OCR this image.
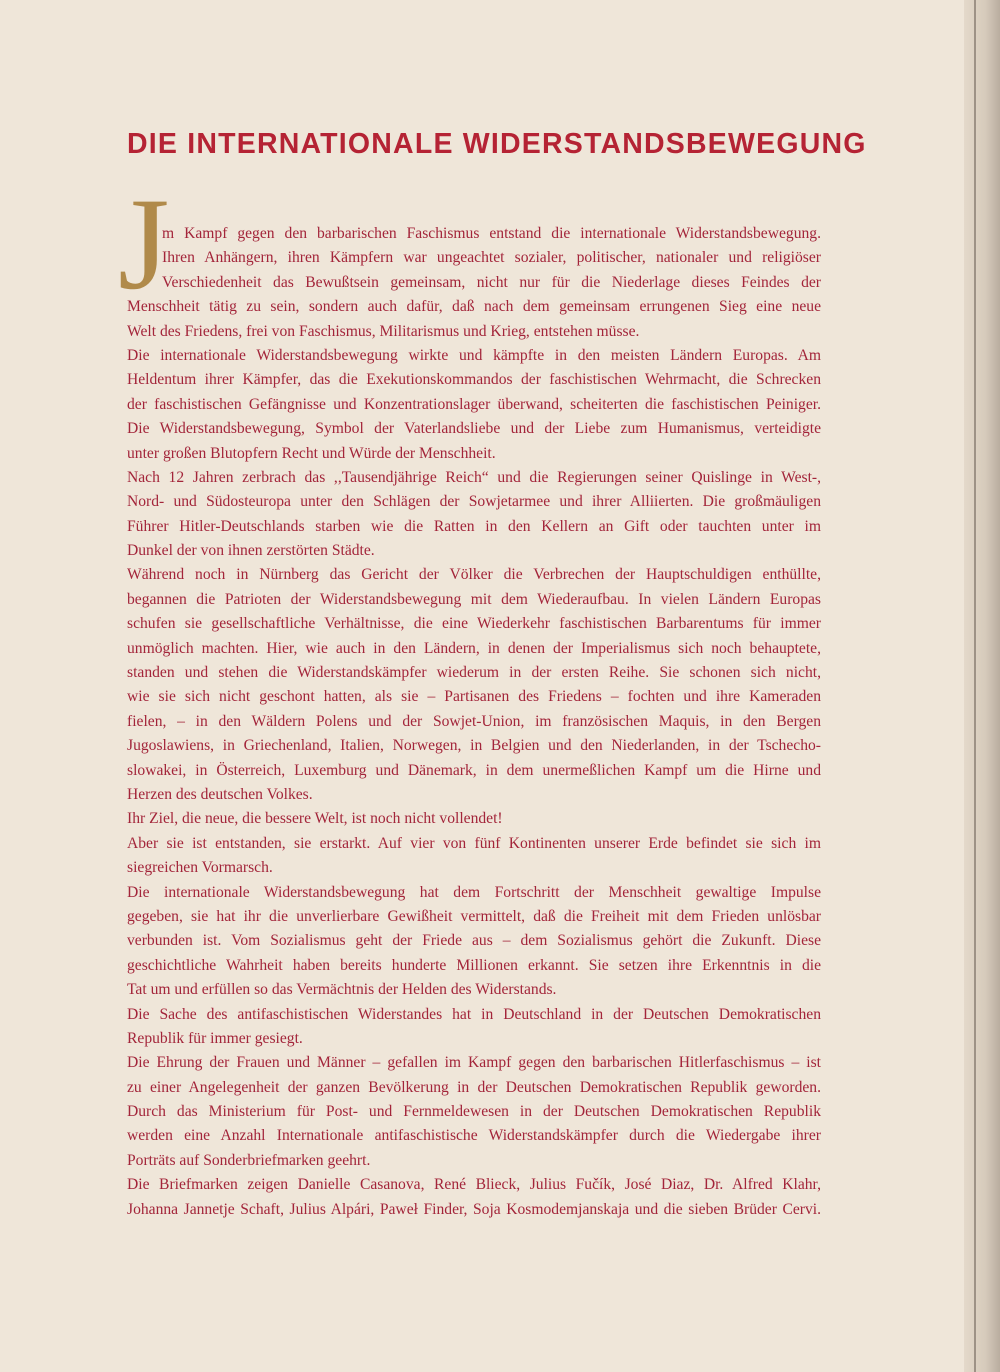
DIE INTERNATIONALE WIDERSTANDSBEWEGUNG
J
m Kampf gegen den barbarischen Faschismus entstand die internationale Widerstandsbewegung.
Ihren Anhängern, ihren Kämpfern war ungeachtet sozialer, politischer, nationaler und religiöser
Verschiedenheit das Bewußtsein gemeinsam, nicht nur für die Niederlage dieses Feindes der
Menschheit tätig zu sein, sondern auch dafür, daß nach dem gemeinsam errungenen Sieg eine neue
Welt des Friedens, frei von Faschismus, Militarismus und Krieg, entstehen müsse.
Die internationale Widerstandsbewegung wirkte und kämpfte in den meisten Ländern Europas. Am
Heldentum ihrer Kämpfer, das die Exekutionskommandos der faschistischen Wehrmacht, die Schrecken
der faschistischen Gefängnisse und Konzentrationslager überwand, scheiterten die faschistischen Peiniger.
Die Widerstandsbewegung, Symbol der Vaterlandsliebe und der Liebe zum Humanismus, verteidigte
unter großen Blutopfern Recht und Würde der Menschheit.
Nach 12 Jahren zerbrach das ,,Tausendjährige Reich“ und die Regierungen seiner Quislinge in West-,
Nord- und Südosteuropa unter den Schlägen der Sowjetarmee und ihrer Alliierten. Die großmäuligen
Führer Hitler-Deutschlands starben wie die Ratten in den Kellern an Gift oder tauchten unter im
Dunkel der von ihnen zerstörten Städte.
Während noch in Nürnberg das Gericht der Völker die Verbrechen der Hauptschuldigen enthüllte,
begannen die Patrioten der Widerstandsbewegung mit dem Wiederaufbau. In vielen Ländern Europas
schufen sie gesellschaftliche Verhältnisse, die eine Wiederkehr faschistischen Barbarentums für immer
unmöglich machten. Hier, wie auch in den Ländern, in denen der Imperialismus sich noch behauptete,
standen und stehen die Widerstandskämpfer wiederum in der ersten Reihe. Sie schonen sich nicht,
wie sie sich nicht geschont hatten, als sie – Partisanen des Friedens – fochten und ihre Kameraden
fielen, – in den Wäldern Polens und der Sowjet-Union, im französischen Maquis, in den Bergen
Jugoslawiens, in Griechenland, Italien, Norwegen, in Belgien und den Niederlanden, in der Tschecho-
slowakei, in Österreich, Luxemburg und Dänemark, in dem unermeßlichen Kampf um die Hirne und
Herzen des deutschen Volkes.
Ihr Ziel, die neue, die bessere Welt, ist noch nicht vollendet!
Aber sie ist entstanden, sie erstarkt. Auf vier von fünf Kontinenten unserer Erde befindet sie sich im
siegreichen Vormarsch.
Die internationale Widerstandsbewegung hat dem Fortschritt der Menschheit gewaltige Impulse
gegeben, sie hat ihr die unverlierbare Gewißheit vermittelt, daß die Freiheit mit dem Frieden unlösbar
verbunden ist. Vom Sozialismus geht der Friede aus – dem Sozialismus gehört die Zukunft. Diese
geschichtliche Wahrheit haben bereits hunderte Millionen erkannt. Sie setzen ihre Erkenntnis in die
Tat um und erfüllen so das Vermächtnis der Helden des Widerstands.
Die Sache des antifaschistischen Widerstandes hat in Deutschland in der Deutschen Demokratischen
Republik für immer gesiegt.
Die Ehrung der Frauen und Männer – gefallen im Kampf gegen den barbarischen Hitlerfaschismus – ist
zu einer Angelegenheit der ganzen Bevölkerung in der Deutschen Demokratischen Republik geworden.
Durch das Ministerium für Post- und Fernmeldewesen in der Deutschen Demokratischen Republik
werden eine Anzahl Internationale antifaschistische Widerstandskämpfer durch die Wiedergabe ihrer
Porträts auf Sonderbriefmarken geehrt.
Die Briefmarken zeigen Danielle Casanova, René Blieck, Julius Fučík, José Diaz, Dr. Alfred Klahr,
Johanna Jannetje Schaft, Julius Alpári, Paweł Finder, Soja Kosmodemjanskaja und die sieben Brüder Cervi.
